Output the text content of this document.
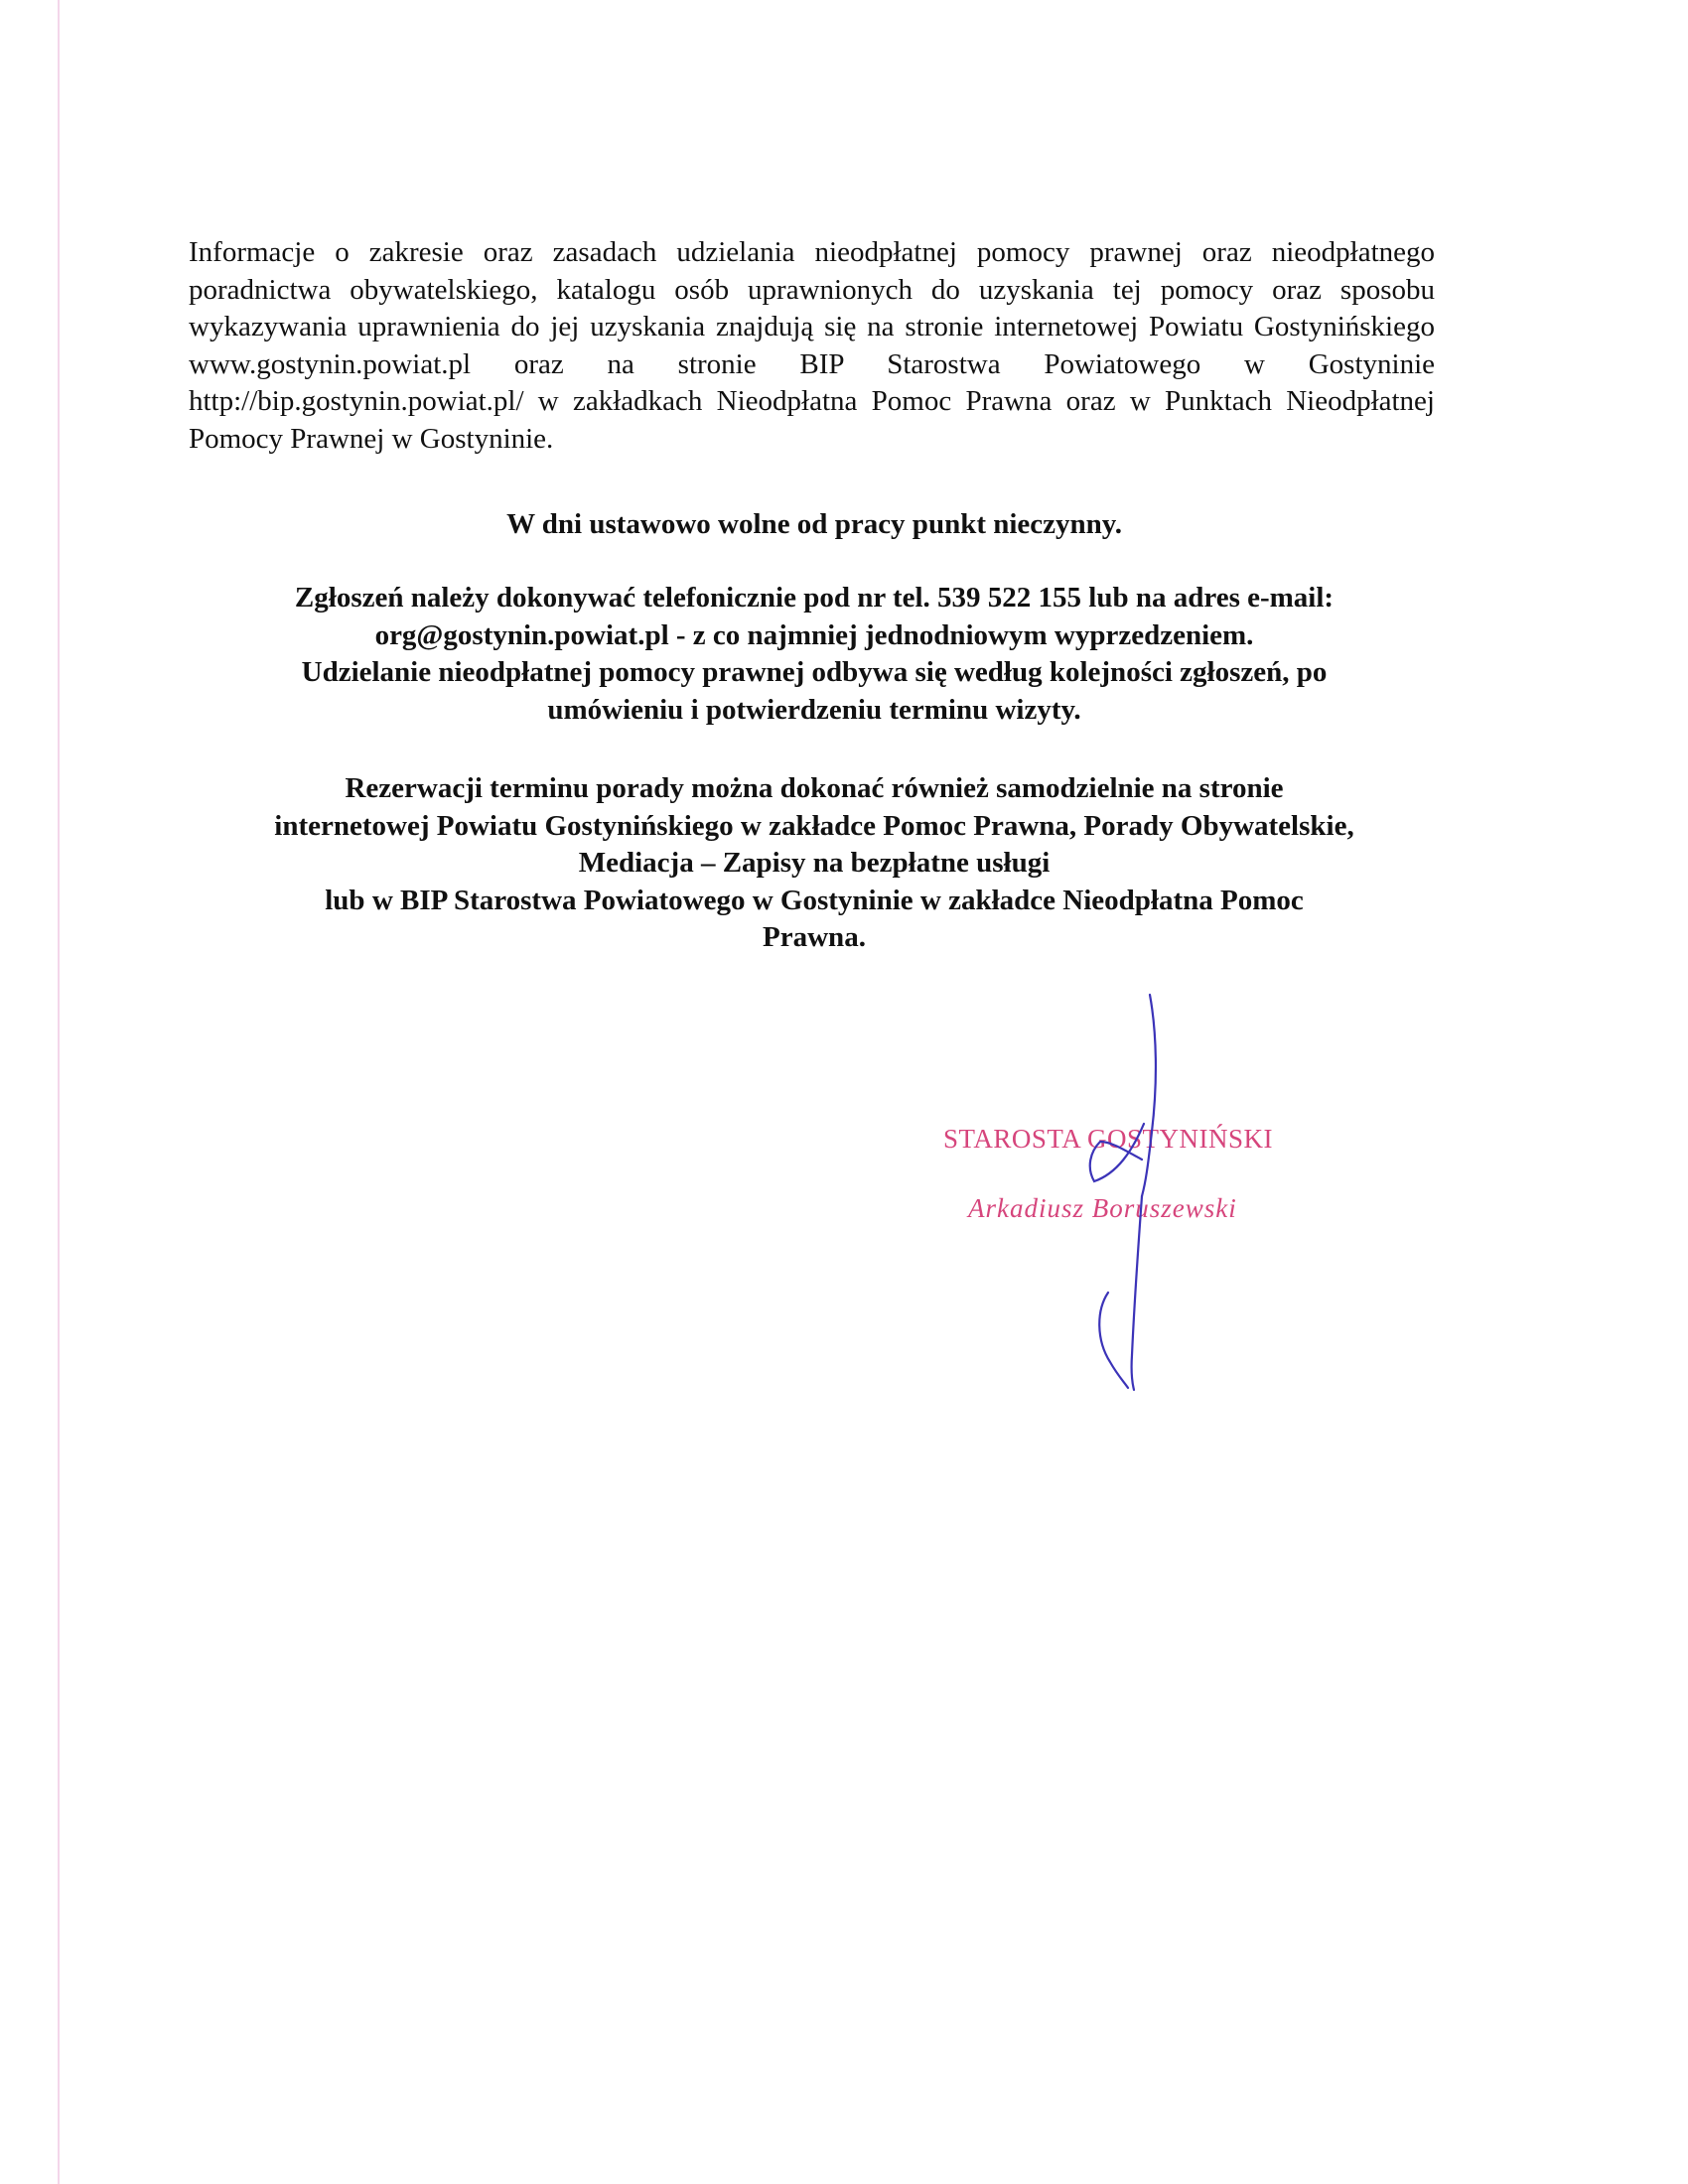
Informacje o zakresie oraz zasadach udzielania nieodpłatnej pomocy prawnej oraz nieodpłatnego poradnictwa obywatelskiego, katalogu osób uprawnionych do uzyskania tej pomocy oraz sposobu wykazywania uprawnienia do jej uzyskania znajdują się na stronie internetowej Powiatu Gostynińskiego www.gostynin.powiat.pl oraz na stronie BIP Starostwa Powiatowego w Gostyninie http://bip.gostynin.powiat.pl/ w zakładkach Nieodpłatna Pomoc Prawna oraz w Punktach Nieodpłatnej Pomocy Prawnej w Gostyninie.

W dni ustawowo wolne od pracy punkt nieczynny.

Zgłoszeń należy dokonywać telefonicznie pod nr tel. 539 522 155 lub na adres e-mail:
org@gostynin.powiat.pl - z co najmniej jednodniowym wyprzedzeniem.
Udzielanie nieodpłatnej pomocy prawnej odbywa się według kolejności zgłoszeń, po
umówieniu i potwierdzeniu terminu wizyty.

Rezerwacji terminu porady można dokonać również samodzielnie na stronie
internetowej Powiatu Gostynińskiego w zakładce Pomoc Prawna, Porady Obywatelskie,
Mediacja – Zapisy na bezpłatne usługi
lub w BIP Starostwa Powiatowego w Gostyninie w zakładce Nieodpłatna Pomoc
Prawna.

STAROSTA GOSTYNIŃSKI
Arkadiusz Boruszewski
